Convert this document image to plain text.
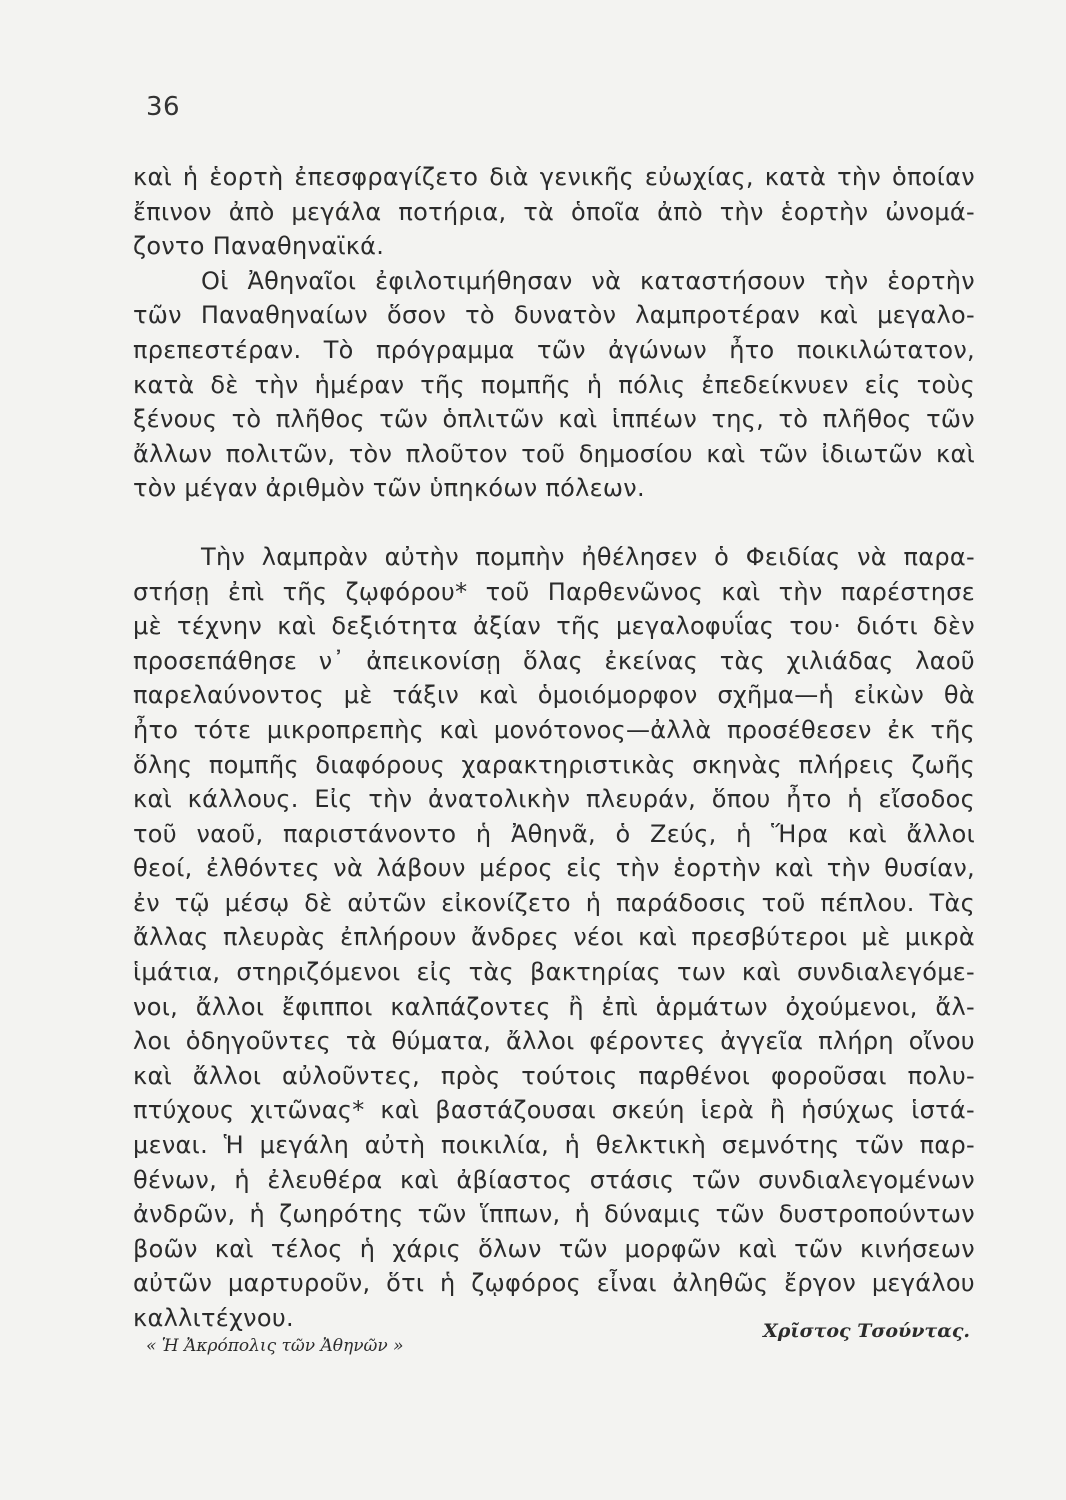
36
καὶ ἡ ἑορτὴ ἐπεσφραγίζετο διὰ γενικῆς εὐωχίας, κατὰ τὴν ὁποίαν
ἔπινον ἀπὸ μεγάλα ποτήρια, τὰ ὁποῖα ἀπὸ τὴν ἑορτὴν ὠνομά-
ζοντο Παναθηναϊκά.
Οἱ Ἀθηναῖοι ἐφιλοτιμήθησαν νὰ καταστήσουν τὴν ἑορτὴν
τῶν Παναθηναίων ὅσον τὸ δυνατὸν λαμπροτέραν καὶ μεγαλο-
πρεπεστέραν. Τὸ πρόγραμμα τῶν ἀγώνων ἦτο ποικιλώτατον,
κατὰ δὲ τὴν ἡμέραν τῆς πομπῆς ἡ πόλις ἐπεδείκνυεν εἰς τοὺς
ξένους τὸ πλῆθος τῶν ὁπλιτῶν καὶ ἱππέων της, τὸ πλῆθος τῶν
ἄλλων πολιτῶν, τὸν πλοῦτον τοῦ δημοσίου καὶ τῶν ἰδιωτῶν καὶ
τὸν μέγαν ἀριθμὸν τῶν ὑπηκόων πόλεων.
Τὴν λαμπρὰν αὐτὴν πομπὴν ἠθέλησεν ὁ Φειδίας νὰ παρα-
στήσῃ ἐπὶ τῆς ζῳφόρου* τοῦ Παρθενῶνος καὶ τὴν παρέστησε
μὲ τέχνην καὶ δεξιότητα ἀξίαν τῆς μεγαλοφυΐας του· διότι δὲν
προσεπάθησε ν᾽ ἀπεικονίσῃ ὅλας ἐκείνας τὰς χιλιάδας λαοῦ
παρελαύνοντος μὲ τάξιν καὶ ὁμοιόμορφον σχῆμα—ἡ εἰκὼν θὰ
ἦτο τότε μικροπρεπὴς καὶ μονότονος—ἀλλὰ προσέθεσεν ἐκ τῆς
ὅλης πομπῆς διαφόρους χαρακτηριστικὰς σκηνὰς πλήρεις ζωῆς
καὶ κάλλους. Εἰς τὴν ἀνατολικὴν πλευράν, ὅπου ἦτο ἡ εἴσοδος
τοῦ ναοῦ, παριστάνοντο ἡ Ἀθηνᾶ, ὁ Ζεύς, ἡ Ἥρα καὶ ἄλλοι
θεοί, ἐλθόντες νὰ λάβουν μέρος εἰς τὴν ἑορτὴν καὶ τὴν θυσίαν,
ἐν τῷ μέσῳ δὲ αὐτῶν εἰκονίζετο ἡ παράδοσις τοῦ πέπλου. Τὰς
ἄλλας πλευρὰς ἐπλήρουν ἄνδρες νέοι καὶ πρεσβύτεροι μὲ μικρὰ
ἱμάτια, στηριζόμενοι εἰς τὰς βακτηρίας των καὶ συνδιαλεγόμε-
νοι, ἄλλοι ἔφιπποι καλπάζοντες ἢ ἐπὶ ἁρμάτων ὀχούμενοι, ἄλ-
λοι ὁδηγοῦντες τὰ θύματα, ἄλλοι φέροντες ἀγγεῖα πλήρη οἴνου
καὶ ἄλλοι αὐλοῦντες, πρὸς τούτοις παρθένοι φοροῦσαι πολυ-
πτύχους χιτῶνας* καὶ βαστάζουσαι σκεύη ἱερὰ ἢ ἡσύχως ἱστά-
μεναι. Ἡ μεγάλη αὐτὴ ποικιλία, ἡ θελκτικὴ σεμνότης τῶν παρ-
θένων, ἡ ἐλευθέρα καὶ ἀβίαστος στάσις τῶν συνδιαλεγομένων
ἀνδρῶν, ἡ ζωηρότης τῶν ἵππων, ἡ δύναμις τῶν δυστροπούντων
βοῶν καὶ τέλος ἡ χάρις ὅλων τῶν μορφῶν καὶ τῶν κινήσεων
αὐτῶν μαρτυροῦν, ὅτι ἡ ζῳφόρος εἶναι ἀληθῶς ἔργον μεγάλου
καλλιτέχνου.
« Ἡ Ἀκρόπολις τῶν Ἀθηνῶν »
Χρῖστος Τσούντας.
